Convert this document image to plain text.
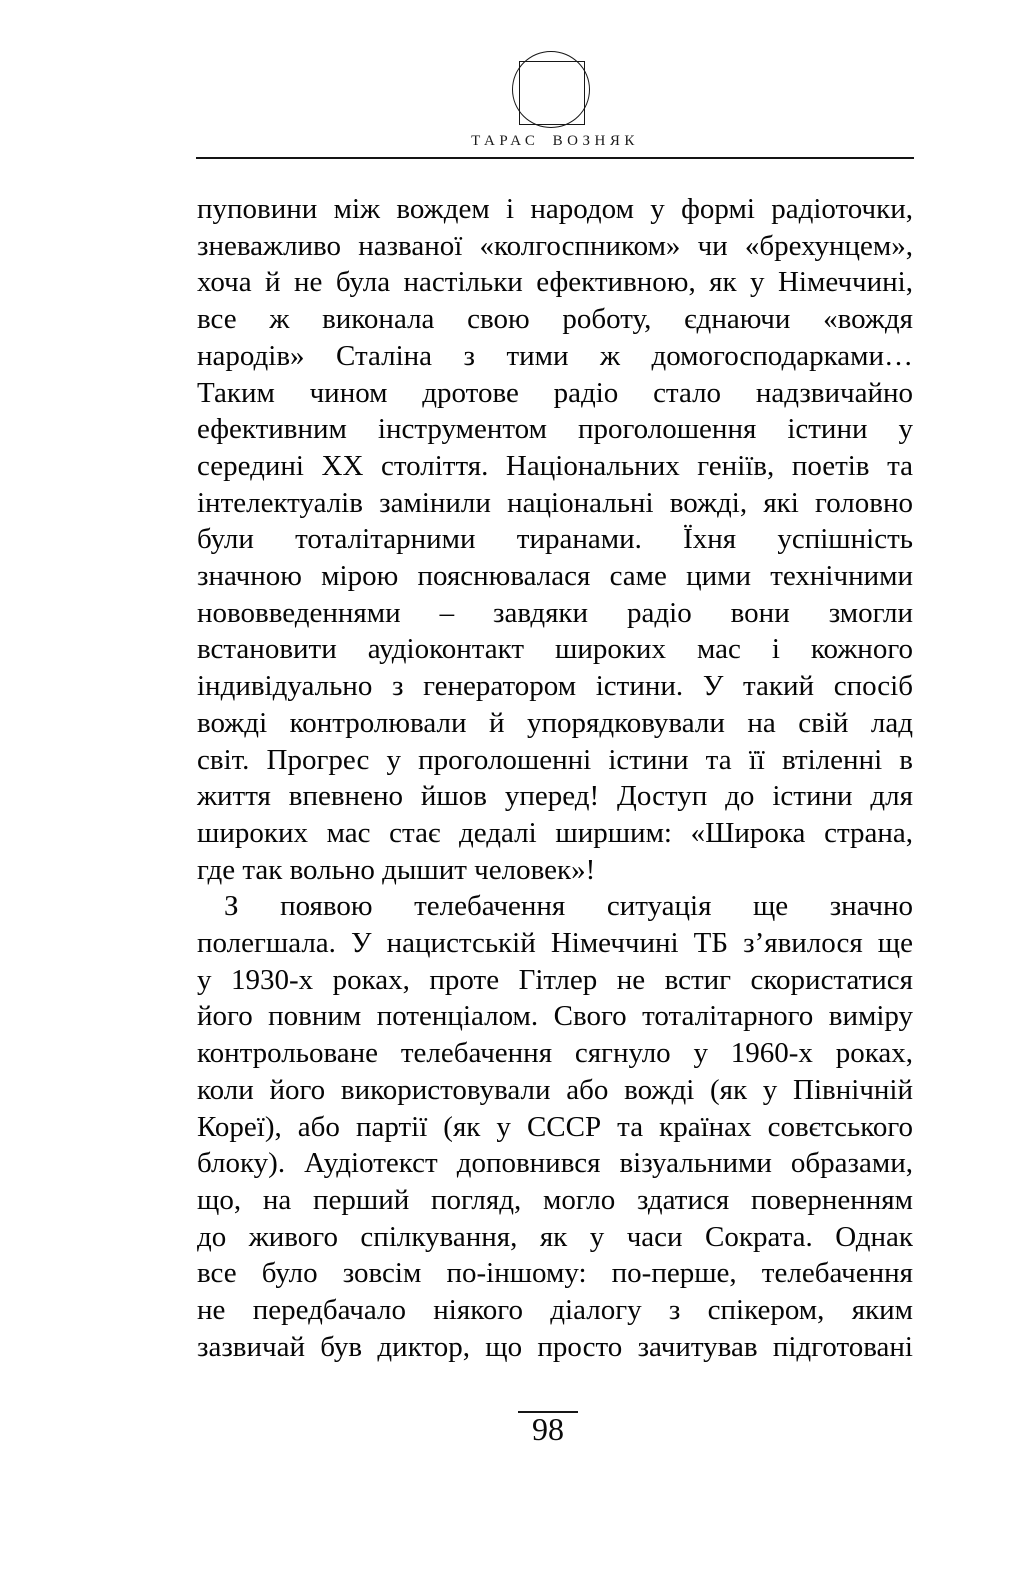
ТАРАС ВОЗНЯК
пуповини між вождем і народом у формі радіоточки,
зневажливо названої «колгоспником» чи «брехунцем»,
хоча й не була настільки ефективною, як у Німеччині,
все ж виконала свою роботу, єднаючи «вождя
народів» Сталіна з тими ж домогосподарками…
Таким чином дротове радіо стало надзвичайно
ефективним інструментом проголошення істини у
середині XX століття. Національних геніїв, поетів та
інтелектуалів замінили національні вожді, які головно
були тоталітарними тиранами. Їхня успішність
значною мірою пояснювалася саме цими технічними
нововведеннями – завдяки радіо вони змогли
встановити аудіоконтакт широких мас і кожного
індивідуально з генератором істини. У такий спосіб
вожді контролювали й упорядковували на свій лад
світ. Прогрес у проголошенні істини та її втіленні в
життя впевнено йшов уперед! Доступ до істини для
широких мас стає дедалі ширшим: «Широка страна,
где так вольно дышит человек»!
З появою телебачення ситуація ще значно
полегшала. У нацистській Німеччині ТБ з’явилося ще
у 1930-х роках, проте Гітлер не встиг скористатися
його повним потенціалом. Свого тоталітарного виміру
контрольоване телебачення сягнуло у 1960-х роках,
коли його використовували або вожді (як у Північній
Кореї), або партії (як у СССР та країнах совєтського
блоку). Аудіотекст доповнився візуальними образами,
що, на перший погляд, могло здатися поверненням
до живого спілкування, як у часи Сократа. Однак
все було зовсім по-іншому: по-перше, телебачення
не передбачало ніякого діалогу з спікером, яким
зазвичай був диктор, що просто зачитував підготовані
98
